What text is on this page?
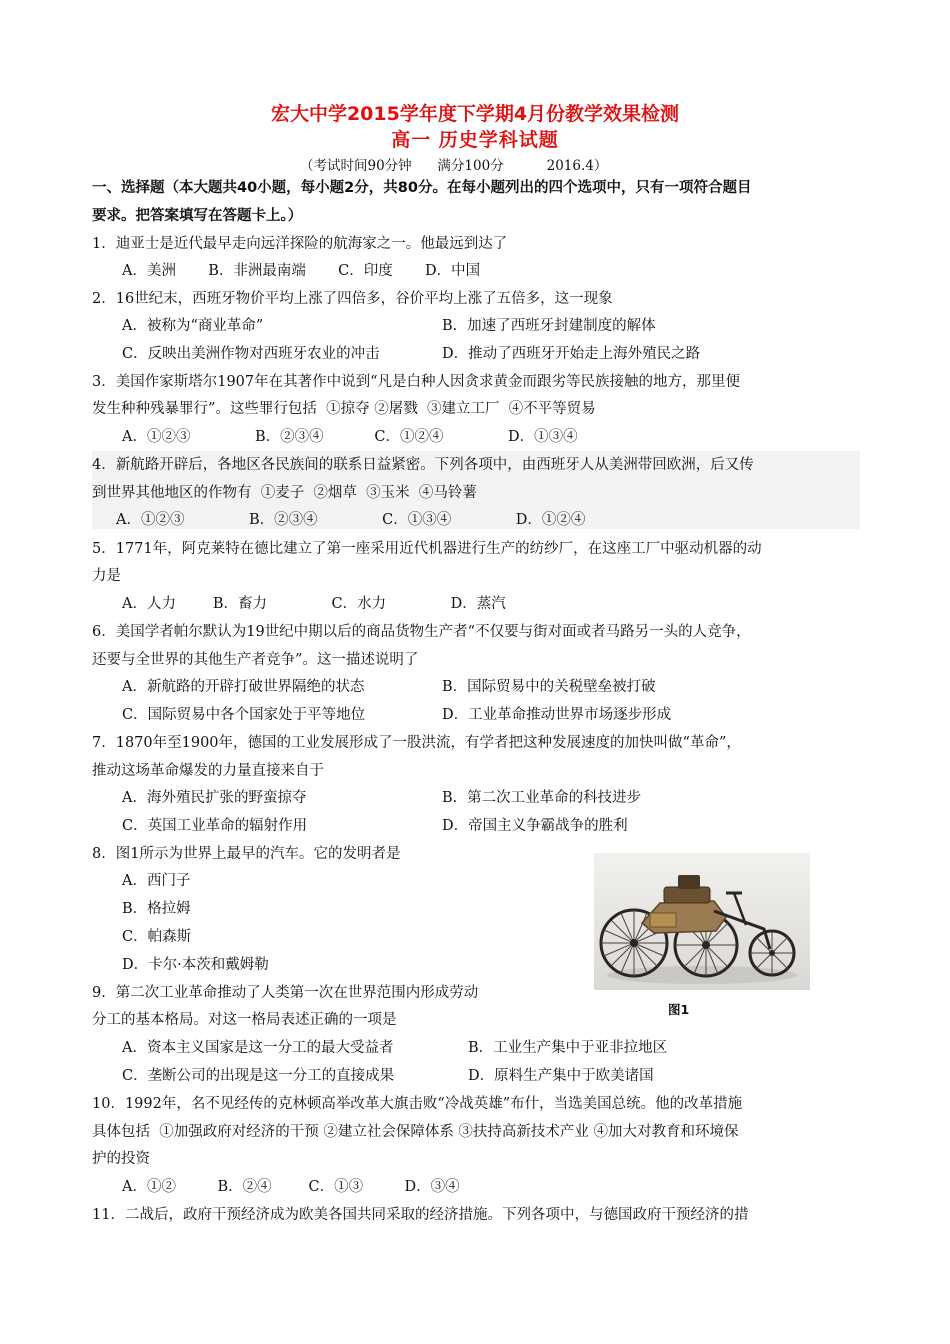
宏大中学2015学年度下学期4月份教学效果检测
高一 历史学科试题
（考试时间90分钟      满分100分          2016.4）
一、选择题（本大题共40小题，每小题2分，共80分。在每小题列出的四个选项中，只有一项符合题目
要求。把答案填写在答题卡上。）
1．迪亚士是近代最早走向远洋探险的航海家之一。他最远到达了
A．美洲       B．非洲最南端       C．印度       D．中国
2．16世纪末，西班牙物价平均上涨了四倍多，谷价平均上涨了五倍多，这一现象
A．被称为“商业革命”	B．加速了西班牙封建制度的解体
C．反映出美洲作物对西班牙农业的冲击	D．推动了西班牙开始走上海外殖民之路
3．美国作家斯塔尔1907年在其著作中说到“凡是白种人因贪求黄金而跟劣等民族接触的地方，那里便
发生种种残暴罪行”。这些罪行包括  ①掠夺 ②屠戮  ③建立工厂  ④不平等贸易
A．①②③              B．②③④           C．①②④              D．①③④
4．新航路开辟后，各地区各民族间的联系日益紧密。下列各项中，由西班牙人从美洲带回欧洲，后又传
到世界其他地区的作物有  ①麦子  ②烟草  ③玉米  ④马铃薯
A．①②③              B．②③④              C．①③④              D．①②④
5．1771年，阿克莱特在德比建立了第一座采用近代机器进行生产的纺纱厂，在这座工厂中驱动机器的动
力是
A．人力        B．畜力              C．水力              D．蒸汽
6．美国学者帕尔默认为19世纪中期以后的商品货物生产者“不仅要与街对面或者马路另一头的人竞争，
还要与全世界的其他生产者竞争”。这一描述说明了
A．新航路的开辟打破世界隔绝的状态	B．国际贸易中的关税壁垒被打破
C．国际贸易中各个国家处于平等地位	D．工业革命推动世界市场逐步形成
7．1870年至1900年，德国的工业发展形成了一股洪流，有学者把这种发展速度的加快叫做“革命”，
推动这场革命爆发的力量直接来自于
A．海外殖民扩张的野蛮掠夺	B．第二次工业革命的科技进步
C．英国工业革命的辐射作用	D．帝国主义争霸战争的胜利
8．图1所示为世界上最早的汽车。它的发明者是
A．西门子
B．格拉姆
C．帕森斯
D．卡尔·本茨和戴姆勒
图1
9．第二次工业革命推动了人类第一次在世界范围内形成劳动
分工的基本格局。对这一格局表述正确的一项是
A．资本主义国家是这一分工的最大受益者	B．工业生产集中于亚非拉地区
C．垄断公司的出现是这一分工的直接成果	D．原料生产集中于欧美诸国
10．1992年，名不见经传的克林顿高举改革大旗击败“冷战英雄”布什，当选美国总统。他的改革措施
具体包括  ①加强政府对经济的干预 ②建立社会保障体系 ③扶持高新技术产业 ④加大对教育和环境保
护的投资
A．①②         B．②④        C．①③         D．③④
11．二战后，政府干预经济成为欧美各国共同采取的经济措施。下列各项中，与德国政府干预经济的措
